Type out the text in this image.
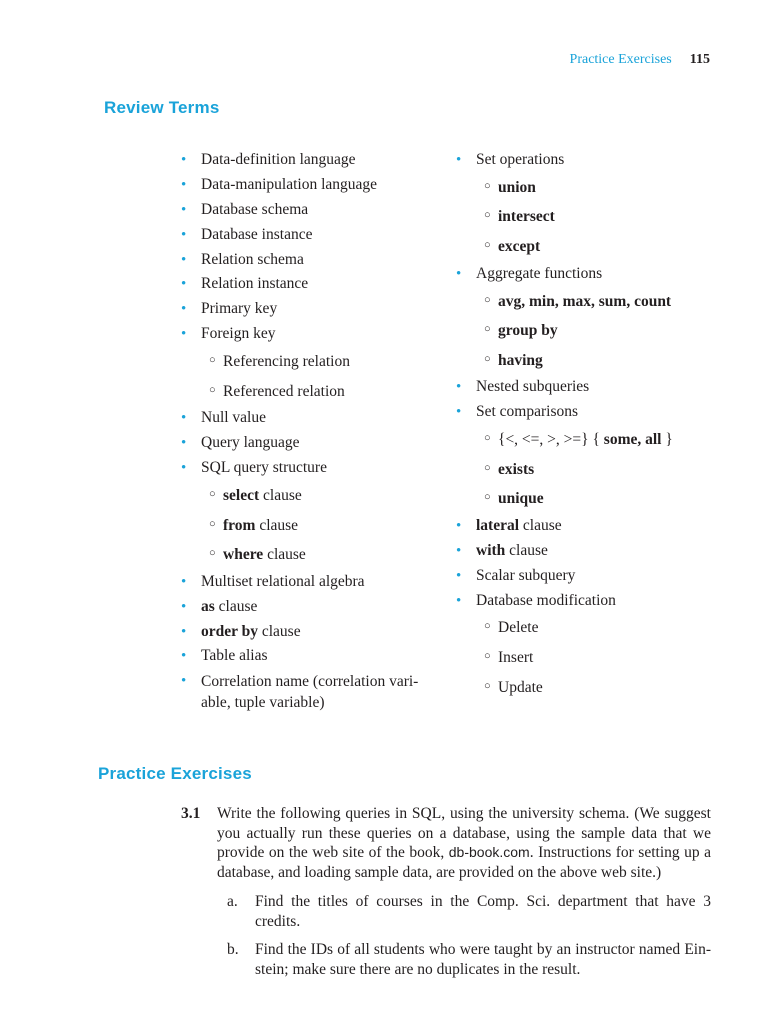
Practice Exercises 115
Review Terms
• Data-definition language
• Data-manipulation language
• Database schema
• Database instance
• Relation schema
• Relation instance
• Primary key
• Foreign key
○ Referencing relation
○ Referenced relation
• Null value
• Query language
• SQL query structure
○ select clause
○ from clause
○ where clause
• Multiset relational algebra
• as clause
• order by clause
• Table alias
• Correlation name (correlation vari-
able, tuple variable)
• Set operations
○ union
○ intersect
○ except
• Aggregate functions
○ avg, min, max, sum, count
○ group by
○ having
• Nested subqueries
• Set comparisons
○ {<, <=, >, >=} { some, all }
○ exists
○ unique
• lateral clause
• with clause
• Scalar subquery
• Database modification
○ Delete
○ Insert
○ Update
Practice Exercises
3.1	Write the following queries in SQL, using the university schema. (We suggest you actually run these queries on a database, using the sample data that we provide on the web site of the book, db-book.com. Instructions for setting up a database, and loading sample data, are provided on the above web site.)
a.	Find the titles of courses in the Comp. Sci. department that have 3 credits.
b.	Find the IDs of all students who were taught by an instructor named Ein-
stein; make sure there are no duplicates in the result.
